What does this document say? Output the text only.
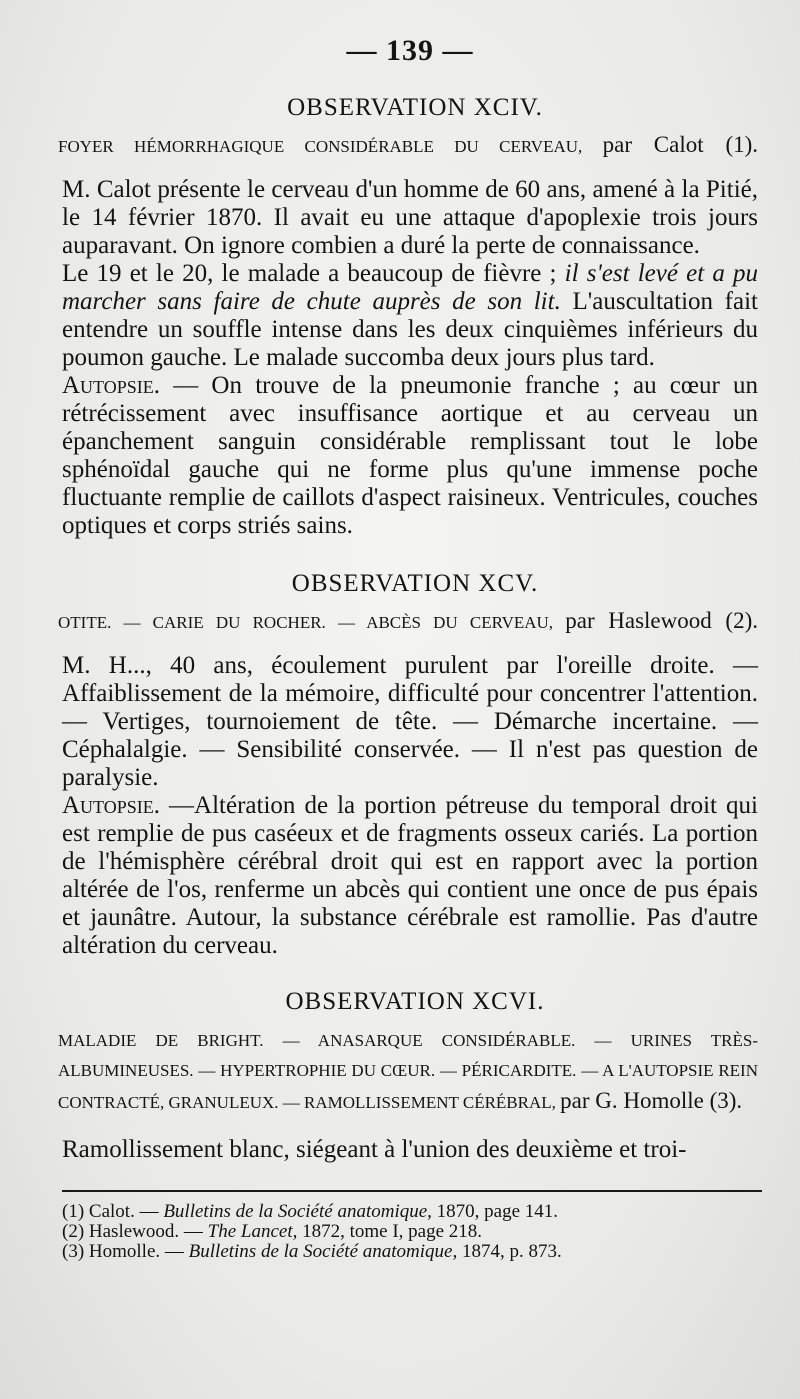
— 139 —
OBSERVATION XCIV.
FOYER HÉMORRHAGIQUE CONSIDÉRABLE DU CERVEAU, par Calot (1).

M. Calot présente le cerveau d'un homme de 60 ans, amené à la Pitié, le 14 février 1870. Il avait eu une attaque d'apoplexie trois jours auparavant. On ignore combien a duré la perte de connaissance.

Le 19 et le 20, le malade a beaucoup de fièvre ; il s'est levé et a pu marcher sans faire de chute auprès de son lit. L'auscultation fait entendre un souffle intense dans les deux cinquièmes inférieurs du poumon gauche. Le malade succomba deux jours plus tard.

Autopsie. — On trouve de la pneumonie franche ; au cœur un rétrécissement avec insuffisance aortique et au cerveau un épanchement sanguin considérable remplissant tout le lobe sphénoïdal gauche qui ne forme plus qu'une immense poche fluctuante remplie de caillots d'aspect raisineux. Ventricules, couches optiques et corps striés sains.

OBSERVATION XCV.
OTITE. — CARIE DU ROCHER. — ABCÈS DU CERVEAU, par Haslewood (2).

M. H..., 40 ans, écoulement purulent par l'oreille droite. — Affaiblissement de la mémoire, difficulté pour concentrer l'attention. — Vertiges, tournoiement de tête. — Démarche incertaine. — Céphalalgie. — Sensibilité conservée. — Il n'est pas question de paralysie.

Autopsie. —Altération de la portion pétreuse du temporal droit qui est remplie de pus caséeux et de fragments osseux cariés. La portion de l'hémisphère cérébral droit qui est en rapport avec la portion altérée de l'os, renferme un abcès qui contient une once de pus épais et jaunâtre. Autour, la substance cérébrale est ramollie. Pas d'autre altération du cerveau.

OBSERVATION XCVI.
MALADIE DE BRIGHT. — ANASARQUE CONSIDÉRABLE. — URINES TRÈS-ALBUMINEUSES. — HYPERTROPHIE DU CŒUR. — PÉRICARDITE. — A L'AUTOPSIE REIN CONTRACTÉ, GRANULEUX. — RAMOLLISSEMENT CÉRÉBRAL, par G. Homolle (3).

Ramollissement blanc, siégeant à l'union des deuxième et troi-

(1) Calot. — Bulletins de la Société anatomique, 1870, page 141.
(2) Haslewood. — The Lancet, 1872, tome I, page 218.
(3) Homolle. — Bulletins de la Société anatomique, 1874, p. 873.
